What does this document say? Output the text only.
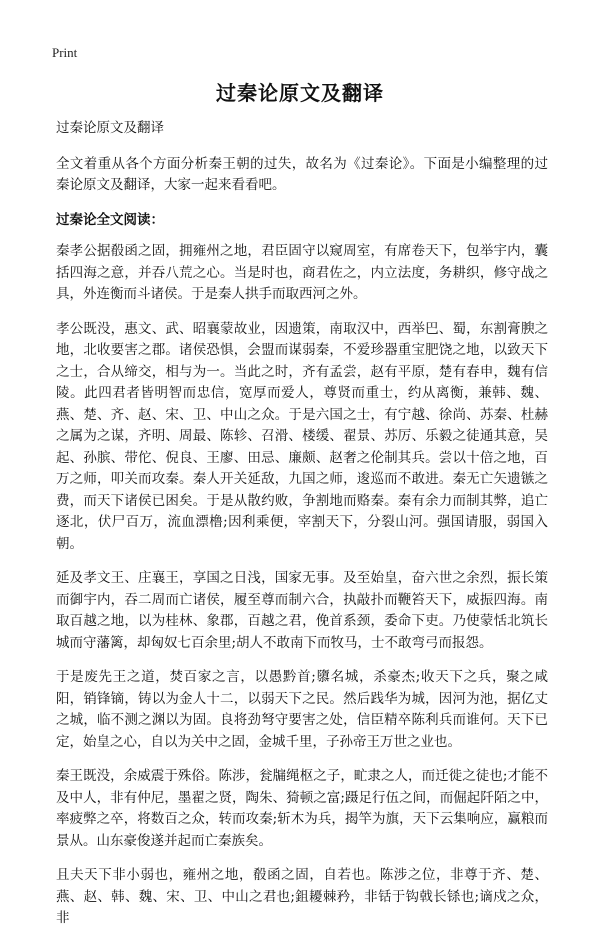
Print
过秦论原文及翻译

过秦论原文及翻译

全文着重从各个方面分析秦王朝的过失，故名为《过秦论》。下面是小编整理的过秦论原文及翻译，大家一起来看看吧。

过秦论全文阅读：

秦孝公据殽函之固，拥雍州之地，君臣固守以窥周室，有席卷天下，包举宇内，囊括四海之意，并吞八荒之心。当是时也，商君佐之，内立法度，务耕织，修守战之具，外连衡而斗诸侯。于是秦人拱手而取西河之外。

孝公既没，惠文、武、昭襄蒙故业，因遗策，南取汉中，西举巴、蜀，东割膏腴之地，北收要害之郡。诸侯恐惧，会盟而谋弱秦，不爱珍器重宝肥饶之地，以致天下之士，合从缔交，相与为一。当此之时，齐有孟尝，赵有平原，楚有春申，魏有信陵。此四君者皆明智而忠信，宽厚而爱人，尊贤而重士，约从离衡，兼韩、魏、燕、楚、齐、赵、宋、卫、中山之众。于是六国之士，有宁越、徐尚、苏秦、杜赫之属为之谋，齐明、周最、陈轸、召滑、楼缓、翟景、苏厉、乐毅之徒通其意，吴起、孙膑、带佗、倪良、王廖、田忌、廉颇、赵奢之伦制其兵。尝以十倍之地，百万之师，叩关而攻秦。秦人开关延敌，九国之师，逡巡而不敢进。秦无亡矢遗镞之费，而天下诸侯已困矣。于是从散约败，争割地而赂秦。秦有余力而制其弊，追亡逐北，伏尸百万，流血漂橹;因利乘便，宰割天下，分裂山河。强国请服，弱国入朝。

延及孝文王、庄襄王，享国之日浅，国家无事。及至始皇，奋六世之余烈，振长策而御宇内，吞二周而亡诸侯，履至尊而制六合，执敲扑而鞭笞天下，威振四海。南取百越之地，以为桂林、象郡，百越之君，俛首系颈，委命下吏。乃使蒙恬北筑长城而守藩篱，却匈奴七百余里;胡人不敢南下而牧马，士不敢弯弓而报怨。

于是废先王之道，焚百家之言，以愚黔首;隳名城，杀豪杰;收天下之兵，聚之咸阳，销锋镝，铸以为金人十二，以弱天下之民。然后践华为城，因河为池，据亿丈之城，临不测之渊以为固。良将劲弩守要害之处，信臣精卒陈利兵而谁何。天下已定，始皇之心，自以为关中之固，金城千里，子孙帝王万世之业也。

秦王既没，余威震于殊俗。陈涉，瓮牖绳枢之子，甿隶之人，而迁徙之徒也;才能不及中人，非有仲尼，墨翟之贤，陶朱、猗顿之富;蹑足行伍之间，而倔起阡陌之中，率疲弊之卒，将数百之众，转而攻秦;斩木为兵，揭竿为旗，天下云集响应，赢粮而景从。山东豪俊遂并起而亡秦族矣。

且夫天下非小弱也，雍州之地，殽函之固，自若也。陈涉之位，非尊于齐、楚、燕、赵、韩、魏、宋、卫、中山之君也;鉏耰棘矜，非铦于钩戟长铩也;谪戍之众，非
